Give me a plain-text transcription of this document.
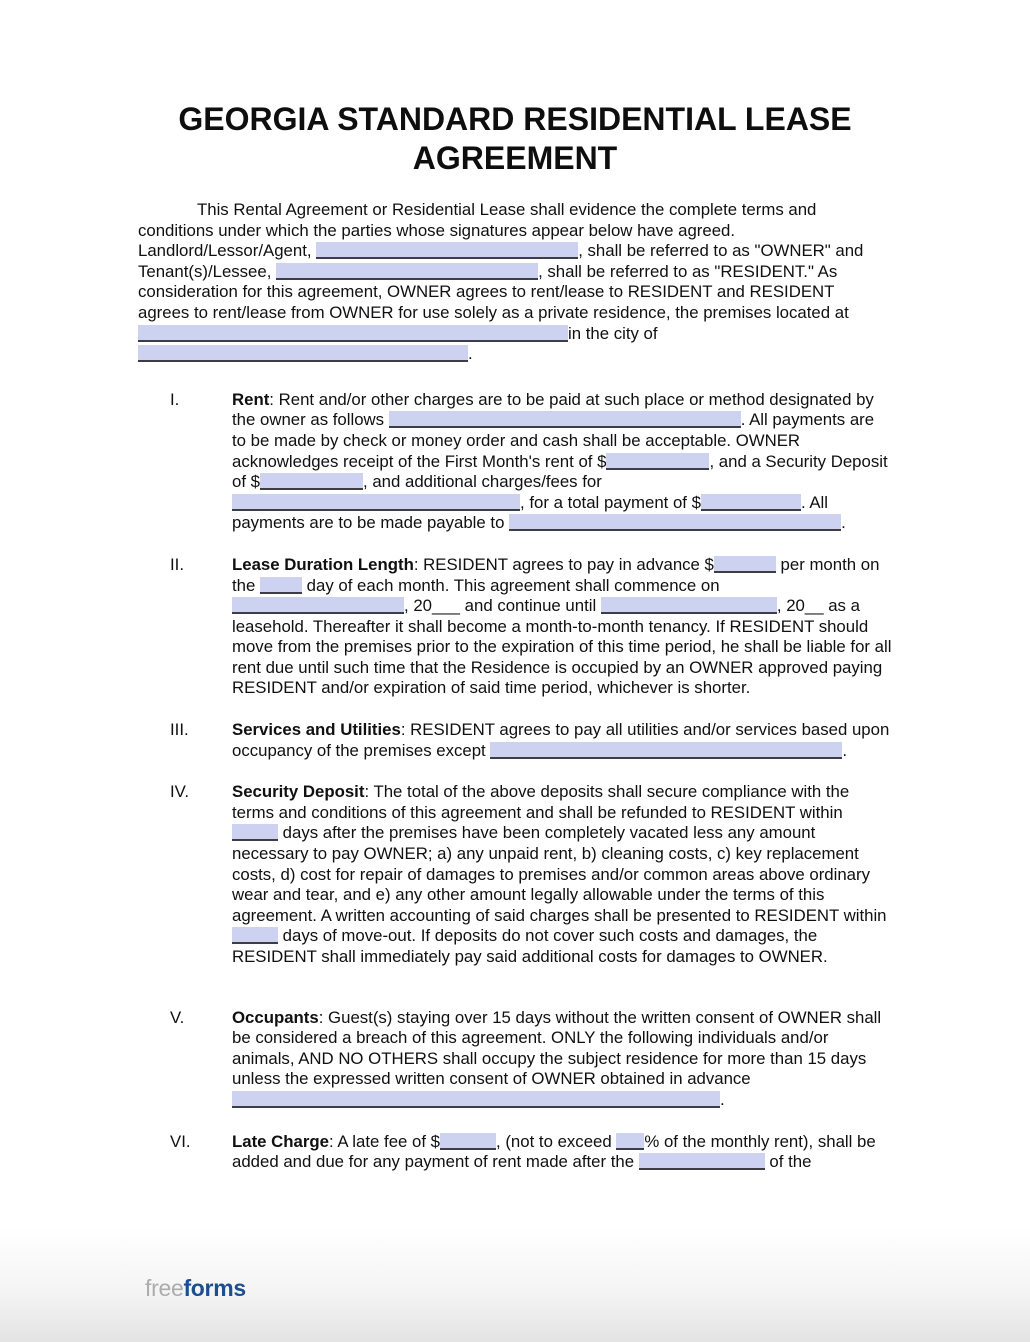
GEORGIA STANDARD RESIDENTIAL LEASE AGREEMENT

This Rental Agreement or Residential Lease shall evidence the complete terms and conditions under which the parties whose signatures appear below have agreed. Landlord/Lessor/Agent,	, shall be referred to as "OWNER" and Tenant(s)/Lessee,	, shall be referred to as "RESIDENT." As consideration for this agreement, OWNER agrees to rent/lease to RESIDENT and RESIDENT agrees to rent/lease from OWNER for use solely as a private residence, the premises located at in the city of .

I.	Rent: Rent and/or other charges are to be paid at such place or method designated by the owner as follows	. All payments are to be made by check or money order and cash shall be acceptable. OWNER acknowledges receipt of the First Month's rent of $	, and a Security Deposit of $	, and additional charges/fees for , for a total payment of $	. All payments are to be made payable to	.
II.	Lease Duration Length: RESIDENT agrees to pay in advance $	per month on the	day of each month. This agreement shall commence on , 20___ and continue until	, 20__ as a leasehold. Thereafter it shall become a month-to-month tenancy. If RESIDENT should move from the premises prior to the expiration of this time period, he shall be liable for all rent due until such time that the Residence is occupied by an OWNER approved paying RESIDENT and/or expiration of said time period, whichever is shorter.
III.	Services and Utilities: RESIDENT agrees to pay all utilities and/or services based upon occupancy of the premises except	.
IV.	Security Deposit: The total of the above deposits shall secure compliance with the terms and conditions of this agreement and shall be refunded to RESIDENT within  days after the premises have been completely vacated less any amount necessary to pay OWNER; a) any unpaid rent, b) cleaning costs, c) key replacement costs, d) cost for repair of damages to premises and/or common areas above ordinary wear and tear, and e) any other amount legally allowable under the terms of this agreement. A written accounting of said charges shall be presented to RESIDENT within  days of move-out. If deposits do not cover such costs and damages, the RESIDENT shall immediately pay said additional costs for damages to OWNER.
V.	Occupants: Guest(s) staying over 15 days without the written consent of OWNER shall be considered a breach of this agreement. ONLY the following individuals and/or animals, AND NO OTHERS shall occupy the subject residence for more than 15 days unless the expressed written consent of OWNER obtained in advance .
VI.	Late Charge: A late fee of $	, (not to exceed % of the monthly rent), shall be added and due for any payment of rent made after the	of the
freeforms
